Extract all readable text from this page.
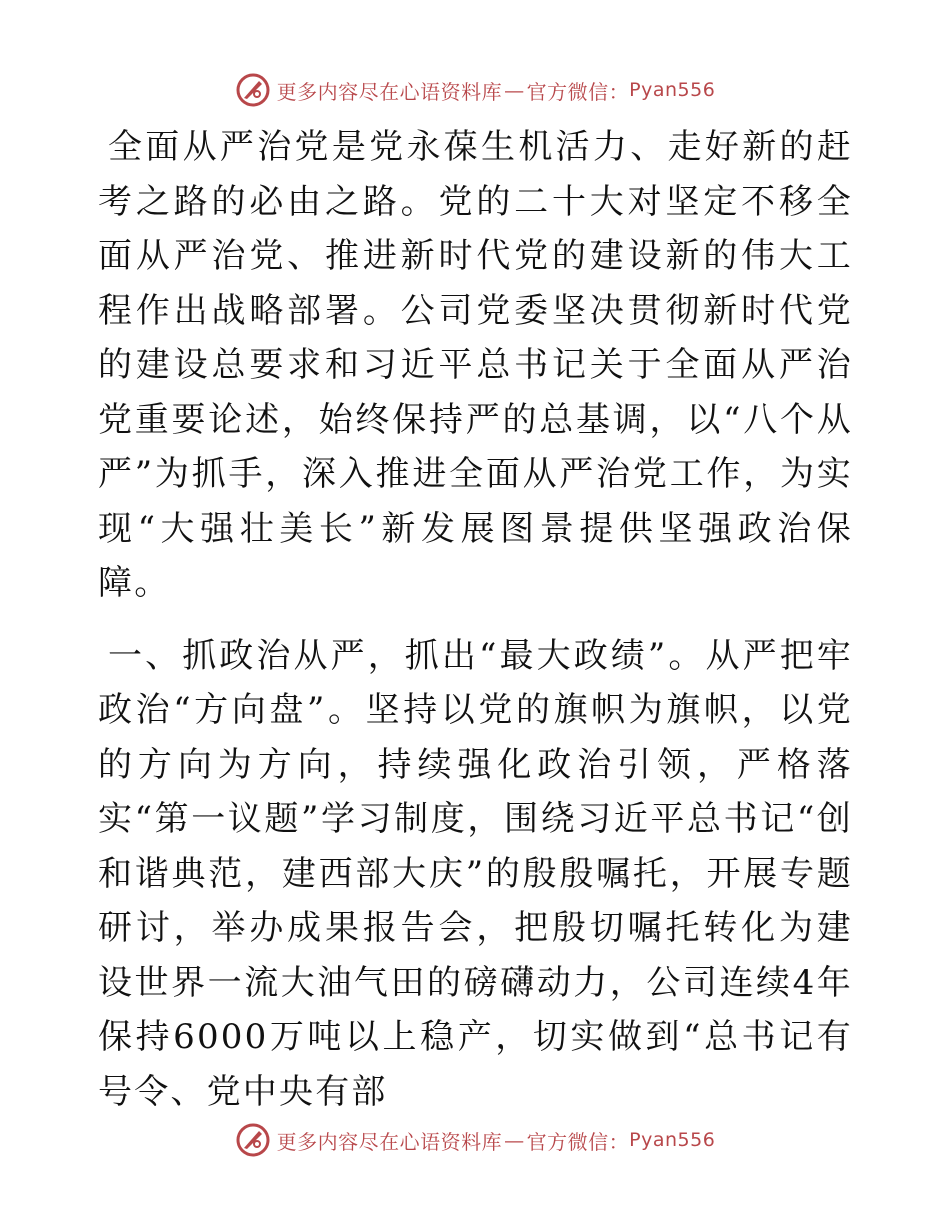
更多内容尽在心语资料库 — 官方微信： Pyan556

全面从严治党是党永葆生机活力、走好新的赶考之路的必由之路。党的二十大对坚定不移全面从严治党、推进新时代党的建设新的伟大工程作出战略部署。公司党委坚决贯彻新时代党的建设总要求和习近平总书记关于全面从严治党重要论述，始终保持严的总基调，以“八个从严”为抓手，深入推进全面从严治党工作，为实现“大强壮美长”新发展图景提供坚强政治保障。

一、抓政治从严，抓出“最大政绩”。从严把牢政治“方向盘”。坚持以党的旗帜为旗帜，以党的方向为方向，持续强化政治引领，严格落实“第一议题”学习制度，围绕习近平总书记“创和谐典范，建西部大庆”的殷殷嘱托，开展专题研讨，举办成果报告会，把殷切嘱托转化为建设世界一流大油气田的磅礴动力，公司连续4年保持6000万吨以上稳产，切实做到“总书记有号令、党中央有部

更多内容尽在心语资料库 — 官方微信： Pyan556
